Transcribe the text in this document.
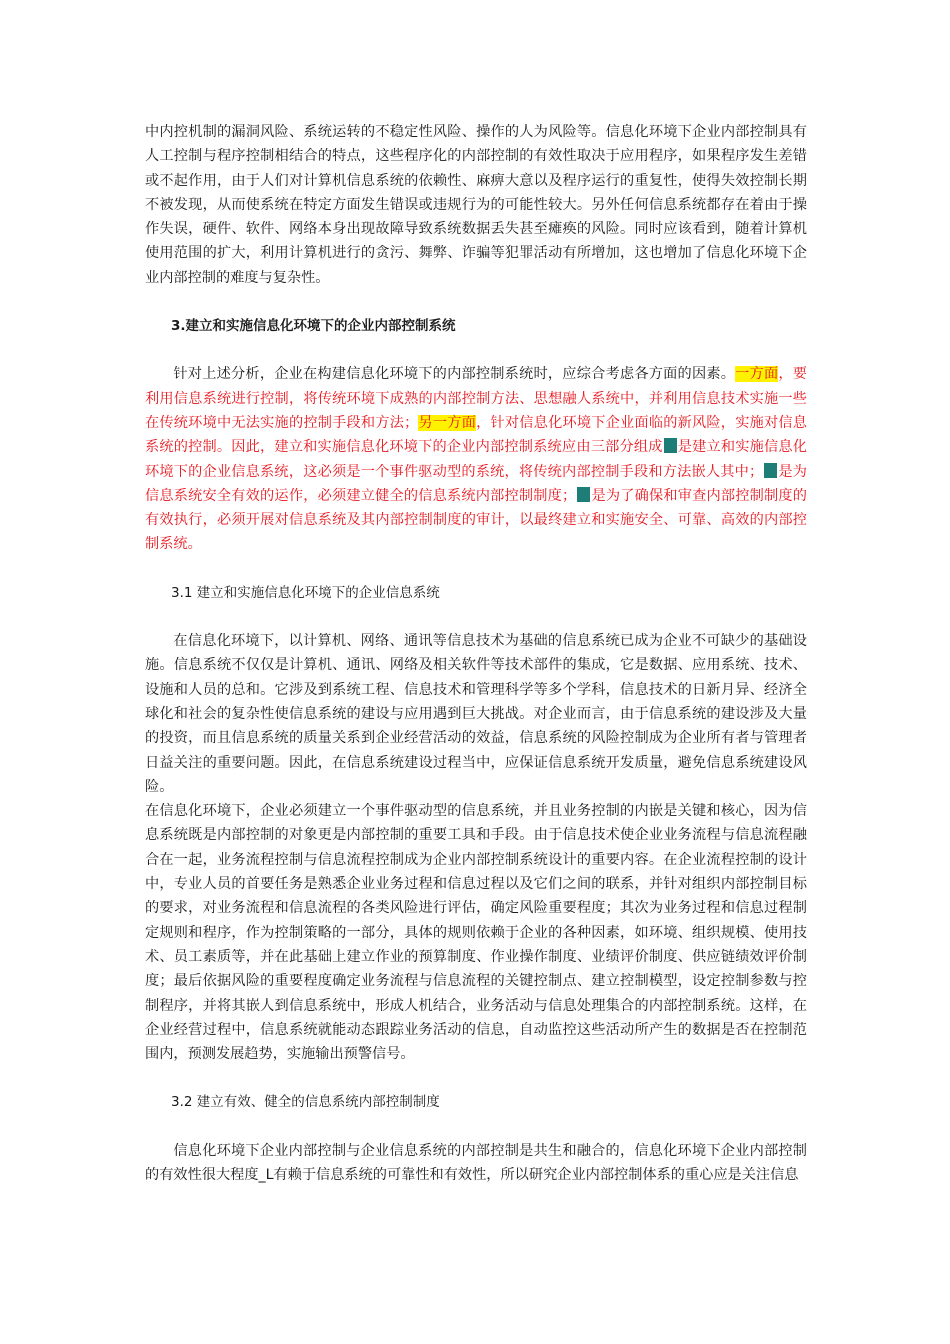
中内控机制的漏洞风险、系统运转的不稳定性风险、操作的人为风险等。信息化环境下企业内部控制具有人工控制与程序控制相结合的特点，这些程序化的内部控制的有效性取决于应用程序，如果程序发生差错或不起作用，由于人们对计算机信息系统的依赖性、麻痹大意以及程序运行的重复性，使得失效控制长期不被发现，从而使系统在特定方面发生错误或违规行为的可能性较大。另外任何信息系统都存在着由于操作失误，硬件、软件、网络本身出现故障导致系统数据丢失甚至瘫痪的风险。同时应该看到，随着计算机使用范围的扩大，利用计算机进行的贪污、舞弊、诈骗等犯罪活动有所增加，这也增加了信息化环境下企业内部控制的难度与复杂性。

3.建立和实施信息化环境下的企业内部控制系统

针对上述分析，企业在构建信息化环境下的内部控制系统时，应综合考虑各方面的因素。一方面，要利用信息系统进行控制，将传统环境下成熟的内部控制方法、思想融人系统中，并利用信息技术实施一些在传统环境中无法实施的控制手段和方法；另一方面，针对信息化环境下企业面临的新风险，实施对信息系统的控制。因此，建立和实施信息化环境下的企业内部控制系统应由三部分组成 是建立和实施信息化环境下的企业信息系统，这必须是一个事件驱动型的系统，将传统内部控制手段和方法嵌人其中； 是为信息系统安全有效的运作，必须建立健全的信息系统内部控制制度； 是为了确保和审查内部控制制度的有效执行，必须开展对信息系统及其内部控制制度的审计，以最终建立和实施安全、可靠、高效的内部控制系统。

3.1 建立和实施信息化环境下的企业信息系统

在信息化环境下，以计算机、网络、通讯等信息技术为基础的信息系统已成为企业不可缺少的基础设施。信息系统不仅仅是计算机、通讯、网络及相关软件等技术部件的集成，它是数据、应用系统、技术、设施和人员的总和。它涉及到系统工程、信息技术和管理科学等多个学科，信息技术的日新月异、经济全球化和社会的复杂性使信息系统的建设与应用遇到巨大挑战。对企业而言，由于信息系统的建设涉及大量的投资，而且信息系统的质量关系到企业经营活动的效益，信息系统的风险控制成为企业所有者与管理者日益关注的重要问题。因此，在信息系统建设过程当中，应保证信息系统开发质量，避免信息系统建设风险。

在信息化环境下，企业必须建立一个事件驱动型的信息系统，并且业务控制的内嵌是关键和核心，因为信息系统既是内部控制的对象更是内部控制的重要工具和手段。由于信息技术使企业业务流程与信息流程融合在一起，业务流程控制与信息流程控制成为企业内部控制系统设计的重要内容。在企业流程控制的设计中，专业人员的首要任务是熟悉企业业务过程和信息过程以及它们之间的联系，并针对组织内部控制目标的要求，对业务流程和信息流程的各类风险进行评估，确定风险重要程度；其次为业务过程和信息过程制定规则和程序，作为控制策略的一部分，具体的规则依赖于企业的各种因素，如环境、组织规模、使用技术、员工素质等，并在此基础上建立作业的预算制度、作业操作制度、业绩评价制度、供应链绩效评价制度；最后依据风险的重要程度确定业务流程与信息流程的关键控制点、建立控制模型，设定控制参数与控制程序，并将其嵌人到信息系统中，形成人机结合，业务活动与信息处理集合的内部控制系统。这样，在企业经营过程中，信息系统就能动态跟踪业务活动的信息，自动监控这些活动所产生的数据是否在控制范围内，预测发展趋势，实施输出预警信号。

3.2 建立有效、健全的信息系统内部控制制度

信息化环境下企业内部控制与企业信息系统的内部控制是共生和融合的，信息化环境下企业内部控制的有效性很大程度_L有赖于信息系统的可靠性和有效性，所以研究企业内部控制体系的重心应是关注信息
